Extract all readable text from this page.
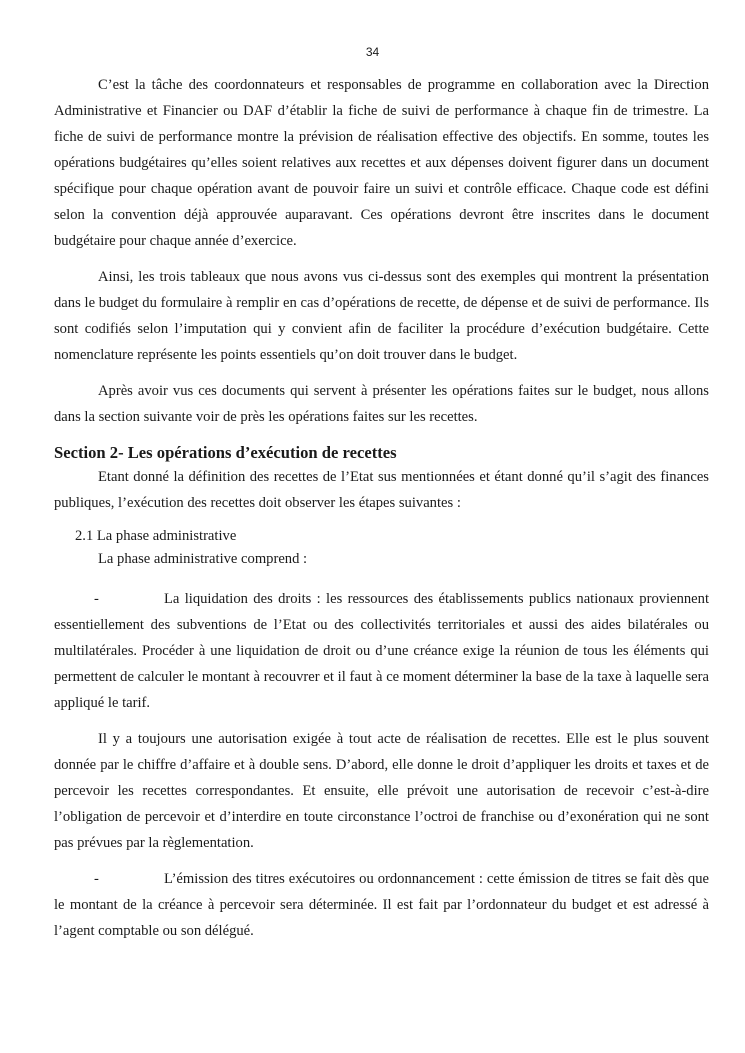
34

C’est la tâche des coordonnateurs et responsables de programme en collaboration avec la Direction Administrative et Financier ou DAF d’établir la fiche de suivi de performance à chaque fin de trimestre. La fiche de suivi de performance montre la prévision de réalisation effective des objectifs. En somme, toutes les opérations budgétaires qu’elles soient relatives aux recettes et aux dépenses doivent figurer dans un document spécifique pour chaque opération avant de pouvoir faire un suivi et contrôle efficace. Chaque code est défini selon la convention déjà approuvée auparavant. Ces opérations devront être inscrites dans le document budgétaire pour chaque année d’exercice.

Ainsi, les trois tableaux que nous avons vus ci-dessus sont des exemples qui montrent la présentation dans le budget du formulaire à remplir en cas d’opérations de recette, de dépense et de suivi de performance. Ils sont codifiés selon l’imputation qui y convient afin de faciliter la procédure d’exécution budgétaire. Cette nomenclature représente les points essentiels qu’on doit trouver dans le budget.

Après avoir vus ces documents qui servent à présenter les opérations faites sur le budget, nous allons dans la section suivante voir de près les opérations faites sur les recettes.

Section 2- Les opérations d’exécution de recettes

Etant donné la définition des recettes de l’Etat sus mentionnées et étant donné qu’il s’agit des finances publiques, l’exécution des recettes doit observer les étapes suivantes :

2.1 La phase administrative

La phase administrative comprend :

-	La liquidation des droits : les ressources des établissements publics nationaux proviennent essentiellement des subventions de l’Etat ou des collectivités territoriales et aussi des aides bilatérales ou multilatérales. Procéder à une liquidation de droit ou d’une créance exige la réunion de tous les éléments qui permettent de calculer le montant à recouvrer et il faut à ce moment déterminer la base de la taxe à laquelle sera appliqué le tarif.

Il y a toujours une autorisation exigée à tout acte de réalisation de recettes. Elle est le plus souvent donnée par le chiffre d’affaire et à double sens. D’abord, elle donne le droit d’appliquer les droits et taxes et de percevoir les recettes correspondantes. Et ensuite, elle prévoit une autorisation de recevoir c’est-à-dire l’obligation de percevoir et d’interdire en toute circonstance l’octroi de franchise ou d’exonération qui ne sont pas prévues par la règlementation.

-	L’émission des titres exécutoires ou ordonnancement : cette émission de titres se fait dès que le montant de la créance à percevoir sera déterminée. Il est fait par l’ordonnateur du budget et est adressé à l’agent comptable ou son délégué.
